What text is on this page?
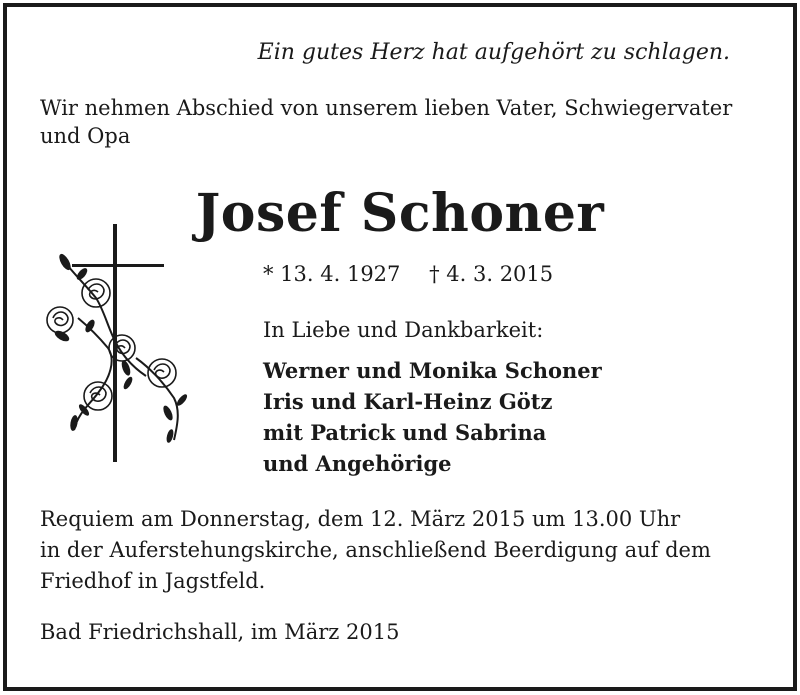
Ein gutes Herz hat aufgehört zu schlagen.
Wir nehmen Abschied von unserem lieben Vater, Schwiegervater
und Opa
Josef Schoner
* 13. 4. 1927 † 4. 3. 2015
In Liebe und Dankbarkeit:
Werner und Monika Schoner
Iris und Karl-Heinz Götz
mit Patrick und Sabrina
und Angehörige
Requiem am Donnerstag, dem 12. März 2015 um 13.00 Uhr
in der Auferstehungskirche, anschließend Beerdigung auf dem
Friedhof in Jagstfeld.
Bad Friedrichshall, im März 2015
